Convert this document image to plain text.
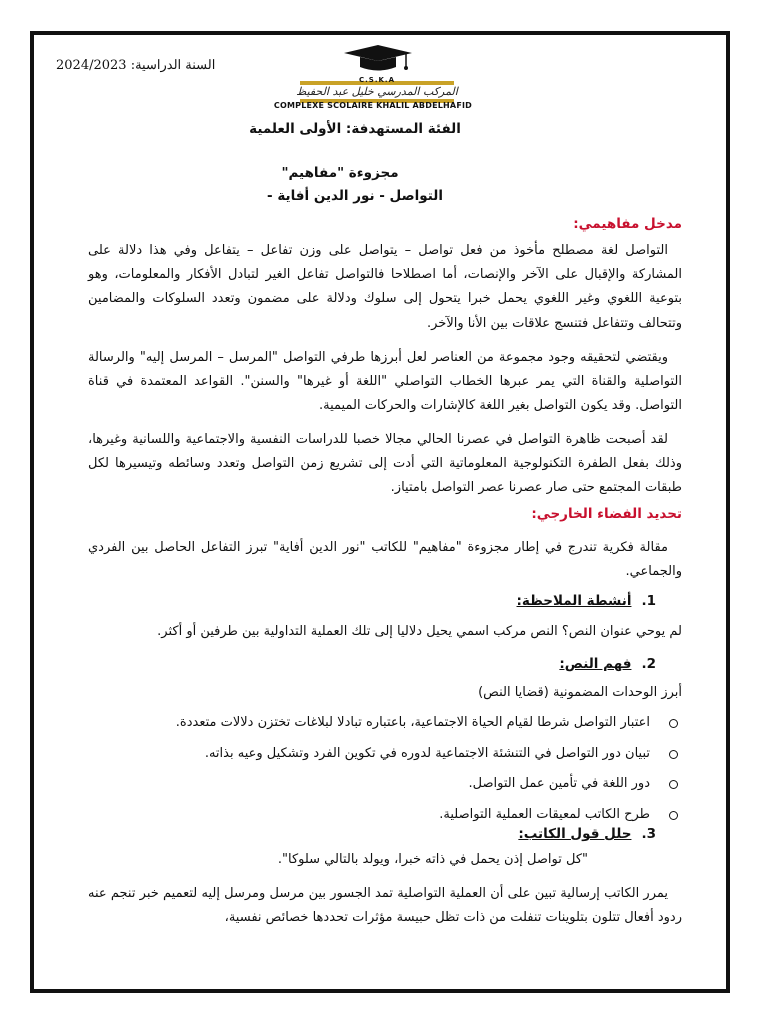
السنة الدراسية: 2024/2023
C.S.K.A
المركب المدرسي خليل عبد الحفيظ
COMPLEXE SCOLAIRE KHALIL ABDELHAFID
الفئة المستهدفة: الأولى العلمية
مجزوءة "مفاهيم"
التواصل - نور الدين أفاية -
مدخل مفاهيمي:

التواصل لغة مصطلح مأخوذ من فعل تواصل – يتواصل على وزن تفاعل – يتفاعل وفي هذا دلالة على المشاركة والإقبال على الآخر والإنصات، أما اصطلاحا فالتواصل تفاعل الغير لتبادل الأفكار والمعلومات، وهو بتوعية اللغوي وغير اللغوي يحمل خبرا يتحول إلى سلوك ودلالة على مضمون وتعدد السلوكات والمضامين وتتحالف وتتفاعل فتنسج علاقات بين الأنا والآخر.

ويقتضي لتحقيقه وجود مجموعة من العناصر لعل أبرزها طرفي التواصل "المرسل – المرسل إليه" والرسالة التواصلية والقناة التي يمر عبرها الخطاب التواصلي "اللغة أو غيرها" والسنن". القواعد المعتمدة في قناة التواصل. وقد يكون التواصل بغير اللغة كالإشارات والحركات الميمية.

لقد أصبحت ظاهرة التواصل في عصرنا الحالي مجالا خصبا للدراسات النفسية والاجتماعية واللسانية وغيرها، وذلك بفعل الطفرة التكنولوجية المعلوماتية التي أدت إلى تشريع زمن التواصل وتعدد وسائطه وتيسيرها لكل طبقات المجتمع حتى صار عصرنا عصر التواصل بامتياز.

تحديد الفضاء الخارجي:

مقالة فكرية تندرج في إطار مجزوءة "مفاهيم" للكاتب "نور الدين أفاية" تبرز التفاعل الحاصل بين الفردي والجماعي.

1.أنشطة الملاحظة:
لم يوحي عنوان النص؟ النص مركب اسمي يحيل دلاليا إلى تلك العملية التداولية بين طرفين أو أكثر.
2.فهم النص:
أبرز الوحدات المضمونية (قضايا النص)
اعتبار التواصل شرطا لقيام الحياة الاجتماعية، باعتباره تبادلا لبلاغات تختزن دلالات متعددة.
تبيان دور التواصل في التنشئة الاجتماعية لدوره في تكوين الفرد وتشكيل وعيه بذاته.
دور اللغة في تأمين عمل التواصل.
طرح الكاتب لمعيقات العملية التواصلية.
3.حلل قول الكاتب:
"كل تواصل إذن يحمل في ذاته خبرا، ويولد بالتالي سلوكا".

يمرر الكاتب إرسالية تبين على أن العملية التواصلية تمد الجسور بين مرسل ومرسل إليه لتعميم خبر تنجم عنه ردود أفعال تتلون بتلوينات تنفلت من ذات تظل حبيسة مؤثرات تحددها خصائص نفسية،
